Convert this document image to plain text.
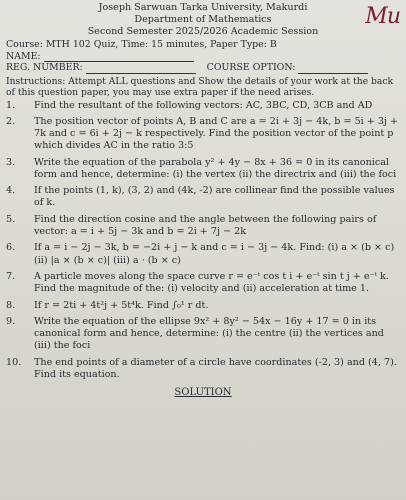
Mu
Joseph Sarwuan Tarka University, Makurdi
Department of Mathematics
Second Semester 2025/2026 Academic Session
Course: MTH 102 Quiz, Time: 15 minutes, Paper Type: B
NAME:
REG. NUMBER:	COURSE OPTION:
Instructions: Attempt ALL questions and Show the details of your work at the back of this question paper, you may use extra paper if the need arises.
1.	Find the resultant of the following vectors: AC, 3BC, CD, 3CB and AD
2.	The position vector of points A, B and C are a = 2i + 3j − 4k, b = 5i + 3j + 7k and c = 6i + 2j − k respectively. Find the position vector of the point p which divides AC in the ratio 3:5
3.	Write the equation of the parabola y² + 4y − 8x + 36 = 0 in its canonical form and hence, determine: (i) the vertex (ii) the directrix and (iii) the foci
4.	If the points (1, k), (3, 2) and (4k, -2) are collinear find the possible values of k.
5.	Find the direction cosine and the angle between the following pairs of vector: a = i + 5j − 3k and b = 2i + 7j − 2k
6.	If a = i − 2j − 3k, b = −2i + j − k and c = i − 3j − 4k. Find: (i) a × (b × c) (ii) |a × (b × c)| (iii) a · (b × c)
7.	A particle moves along the space curve r = e⁻ᵗ cos t i + e⁻ᵗ sin t j + e⁻ᵗ k. Find the magnitude of the: (i) velocity and (ii) acceleration at time 1.
8.	If r = 2ti + 4t²j + 5t⁴k. Find ∫₀¹ r dt.
9.	Write the equation of the ellipse 9x² + 8y² − 54x − 16y + 17 = 0 in its canonical form and hence, determine: (i) the centre (ii) the vertices and (iii) the foci
10.	The end points of a diameter of a circle have coordinates (-2, 3) and (4, 7). Find its equation.
SOLUTION
